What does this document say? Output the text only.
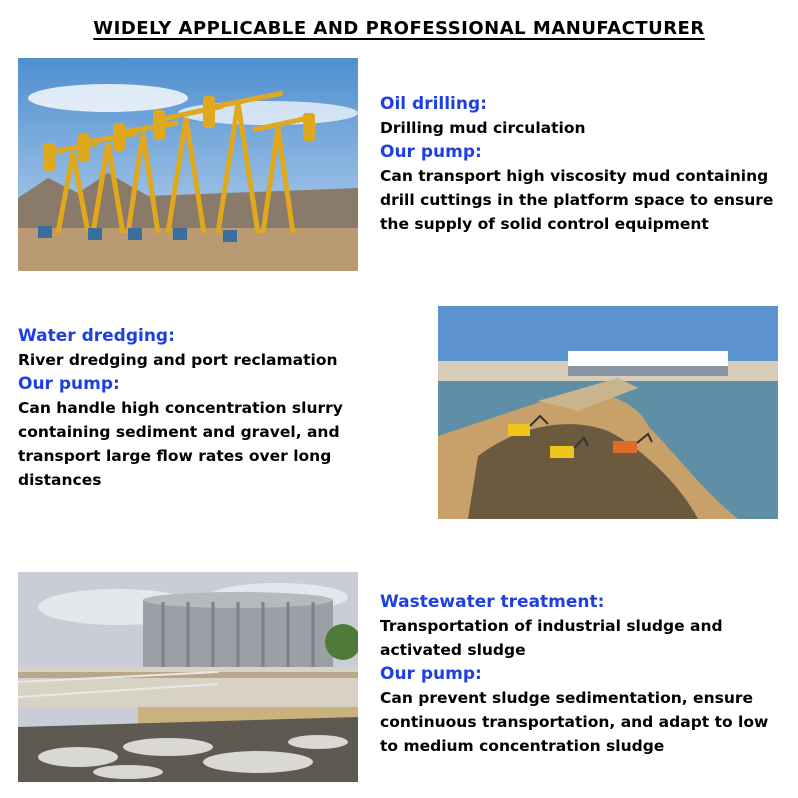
WIDELY APPLICABLE AND PROFESSIONAL MANUFACTURER
Oil drilling:

Drilling mud circulation

Our pump:

Can transport high viscosity mud containing drill cuttings in the platform space to ensure the supply of solid control equipment

Water dredging:

River dredging and port reclamation

Our pump:

Can handle high concentration slurry containing sediment and gravel, and transport large flow rates over long distances

Wastewater treatment:

Transportation of industrial sludge and activated sludge

Our pump:

Can prevent sludge sedimentation, ensure continuous transportation, and adapt to low to medium concentration sludge
